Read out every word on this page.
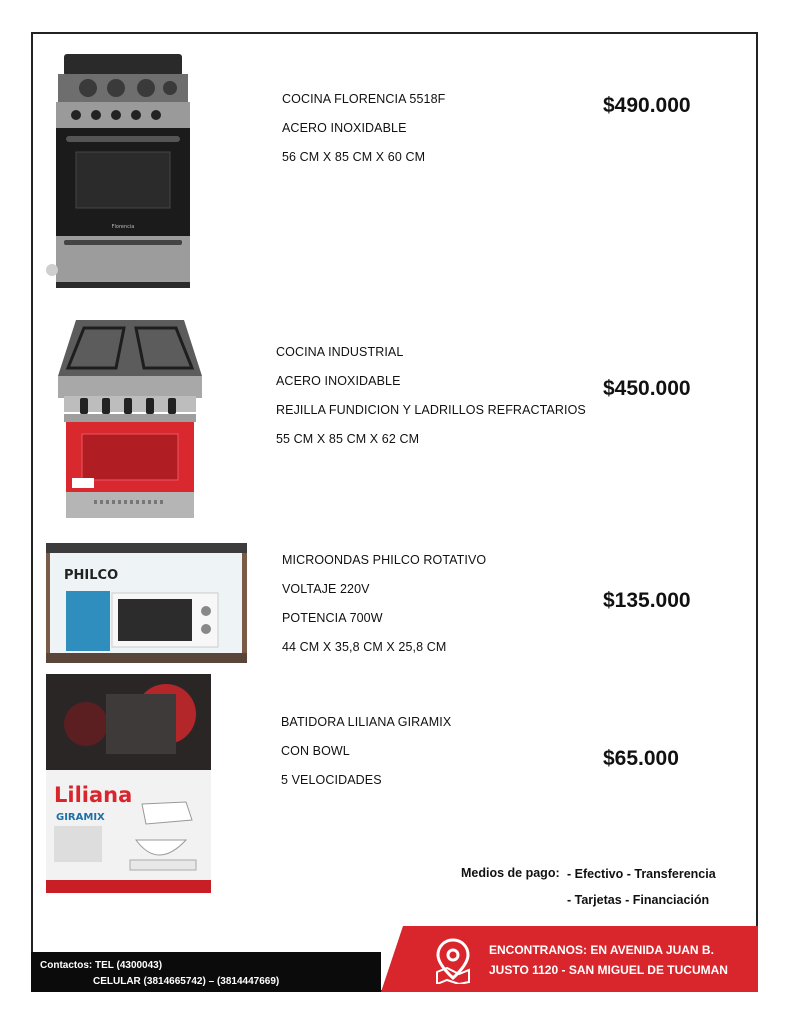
Florencia
COCINA FLORENCIA 5518F
ACERO INOXIDABLE
56 CM X 85 CM X 60 CM
$490.000
COCINA INDUSTRIAL
ACERO INOXIDABLE
REJILLA FUNDICION Y LADRILLOS REFRACTARIOS
55 CM X 85 CM X 62 CM
$450.000
PHILCO
MICROONDAS PHILCO ROTATIVO
VOLTAJE 220V
POTENCIA 700W
44 CM X 35,8 CM X 25,8 CM
$135.000
Liliana
GIRAMIX
BATIDORA LILIANA GIRAMIX
CON BOWL
5 VELOCIDADES
$65.000
Medios de pago: - Efectivo - Transferencia
- Tarjetas - Financiación
Contactos: TEL (4300043)
CELULAR (3814665742) – (3814447669)
ENCONTRANOS: EN AVENIDA JUAN B.
JUSTO 1120 - SAN MIGUEL DE TUCUMAN
